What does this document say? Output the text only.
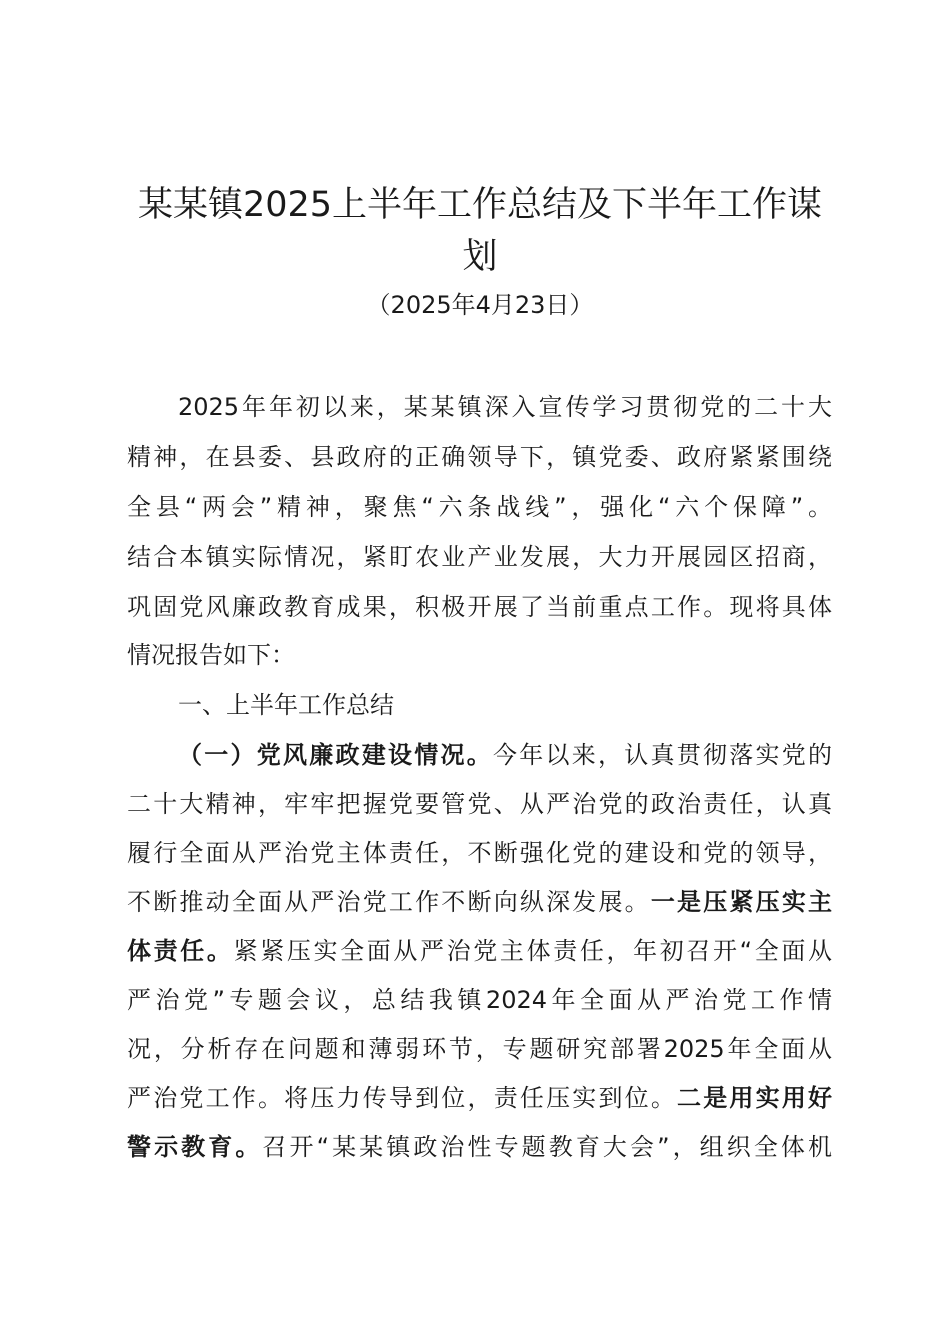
某某镇2025上半年工作总结及下半年工作谋
划
（2025年4月23日）
2025年年初以来，某某镇深入宣传学习贯彻党的二十大
精神，在县委、县政府的正确领导下，镇党委、政府紧紧围绕
全县“两会”精神，聚焦“六条战线”，强化“六个保障”。
结合本镇实际情况，紧盯农业产业发展，大力开展园区招商，
巩固党风廉政教育成果，积极开展了当前重点工作。现将具体
情况报告如下：
一、上半年工作总结
（一）党风廉政建设情况。今年以来，认真贯彻落实党的
二十大精神，牢牢把握党要管党、从严治党的政治责任，认真
履行全面从严治党主体责任，不断强化党的建设和党的领导，
不断推动全面从严治党工作不断向纵深发展。一是压紧压实主
体责任。紧紧压实全面从严治党主体责任，年初召开“全面从
严治党”专题会议，总结我镇2024年全面从严治党工作情
况，分析存在问题和薄弱环节，专题研究部署2025年全面从
严治党工作。将压力传导到位，责任压实到位。二是用实用好
警示教育。召开“某某镇政治性专题教育大会”，组织全体机
